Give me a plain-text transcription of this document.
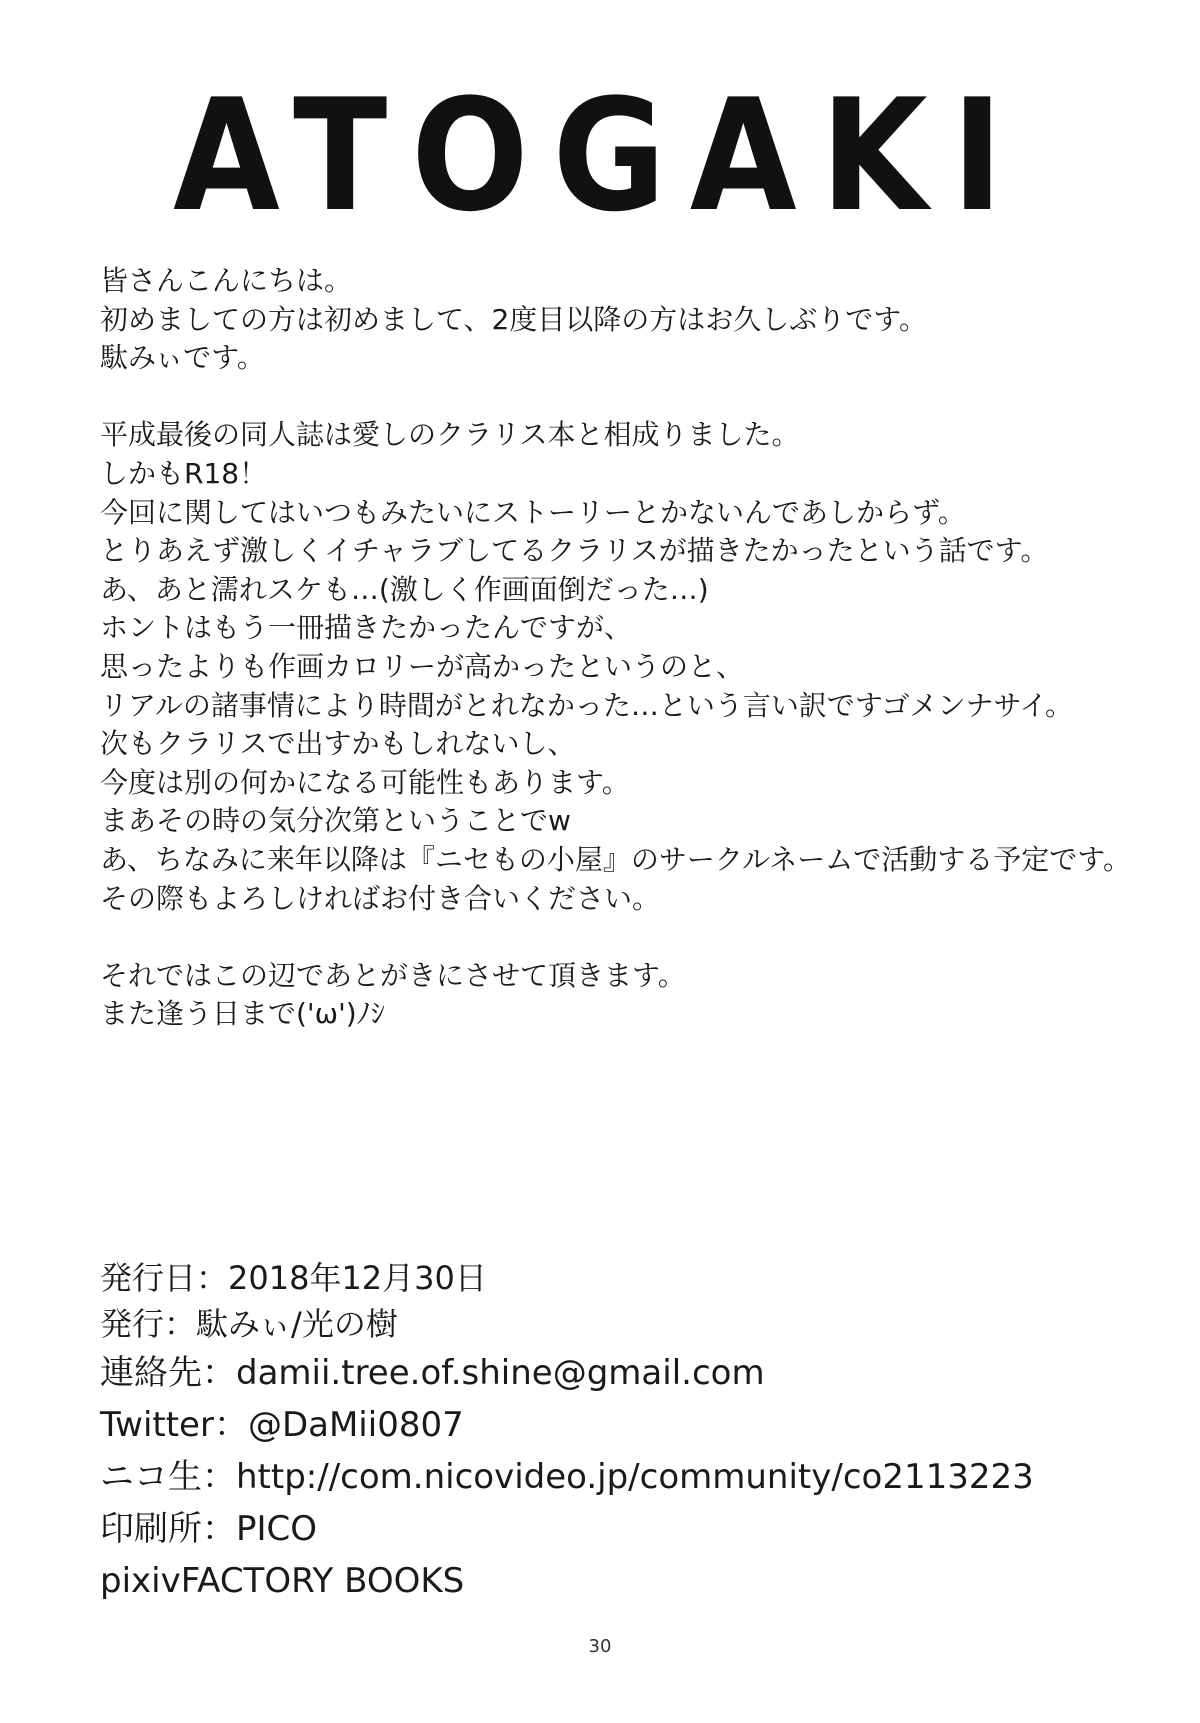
ATOGAKI
皆さんこんにちは。
初めましての方は初めまして、2度目以降の方はお久しぶりです。
駄みぃです。
平成最後の同人誌は愛しのクラリス本と相成りました。
しかもR18！
今回に関してはいつもみたいにストーリーとかないんであしからず。
とりあえず激しくイチャラブしてるクラリスが描きたかったという話です。
あ、あと濡れスケも…(激しく作画面倒だった…)
ホントはもう一冊描きたかったんですが、
思ったよりも作画カロリーが高かったというのと、
リアルの諸事情により時間がとれなかった…という言い訳ですゴメンナサイ。
次もクラリスで出すかもしれないし、
今度は別の何かになる可能性もあります。
まあその時の気分次第ということでw
あ、ちなみに来年以降は『ニセもの小屋』のサークルネームで活動する予定です。
その際もよろしければお付き合いください。
それではこの辺であとがきにさせて頂きます。
また逢う日まで('ω')ﾉｼ
発行日：2018年12月30日
発行：駄みぃ/光の樹
連絡先：damii.tree.of.shine@gmail.com
Twitter：@DaMii0807
ニコ生：http://com.nicovideo.jp/community/co2113223
印刷所：PICO
pixivFACTORY BOOKS
30
